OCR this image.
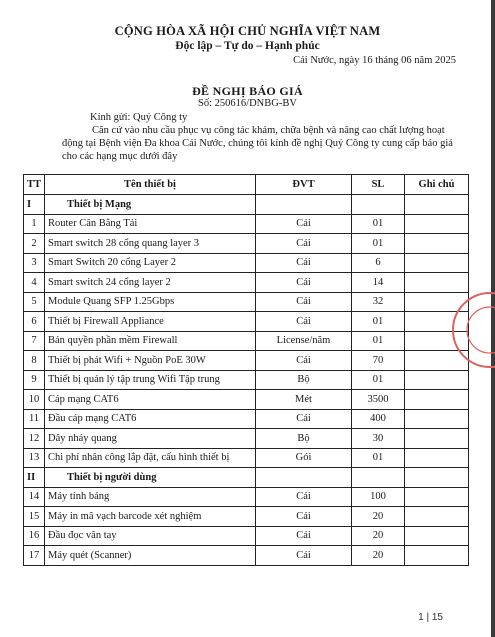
CỘNG HÒA XÃ HỘI CHỦ NGHĨA VIỆT NAM
Độc lập – Tự do – Hạnh phúc
Cái Nước, ngày 16 tháng 06 năm 2025
ĐỀ NGHỊ BÁO GIÁ
Số: 250616/DNBG-BV
Kính gửi: Quý Công ty
Căn cứ vào nhu cầu phục vụ công tác khám, chữa bệnh và nâng cao chất lượng hoạt động tại Bệnh viện Đa khoa Cái Nước, chúng tôi kính đề nghị Quý Công ty cung cấp báo giá cho các hạng mục dưới đây
TT	Tên thiết bị	ĐVT	SL	Ghi chú
I	Thiết bị Mạng			
1	Router Cân Bằng Tải	Cái	01	
2	Smart switch 28 cổng quang layer 3	Cái	01	
3	Smart Switch 20 cổng Layer 2	Cái	6	
4	Smart switch 24 cổng layer 2	Cái	14	
5	Module Quang SFP 1.25Gbps	Cái	32	
6	Thiết bị Firewall Appliance	Cái	01	
7	Bản quyền phần mềm Firewall	License/năm	01	
8	Thiết bị phát Wifi + Nguồn PoE 30W	Cái	70	
9	Thiết bị quản lý tập trung Wifi Tập trung	Bộ	01	
10	Cáp mạng CAT6	Mét	3500	
11	Đầu cáp mạng CAT6	Cái	400	
12	Dây nhảy quang	Bộ	30	
13	Chi phí nhân công lắp đặt, cấu hình thiết bị	Gói	01	
II	Thiết bị người dùng			
14	Máy tính bảng	Cái	100	
15	Máy in mã vạch barcode xét nghiệm	Cái	20	
16	Đầu đọc vân tay	Cái	20	
17	Máy quét (Scanner)	Cái	20	
1 | 15
